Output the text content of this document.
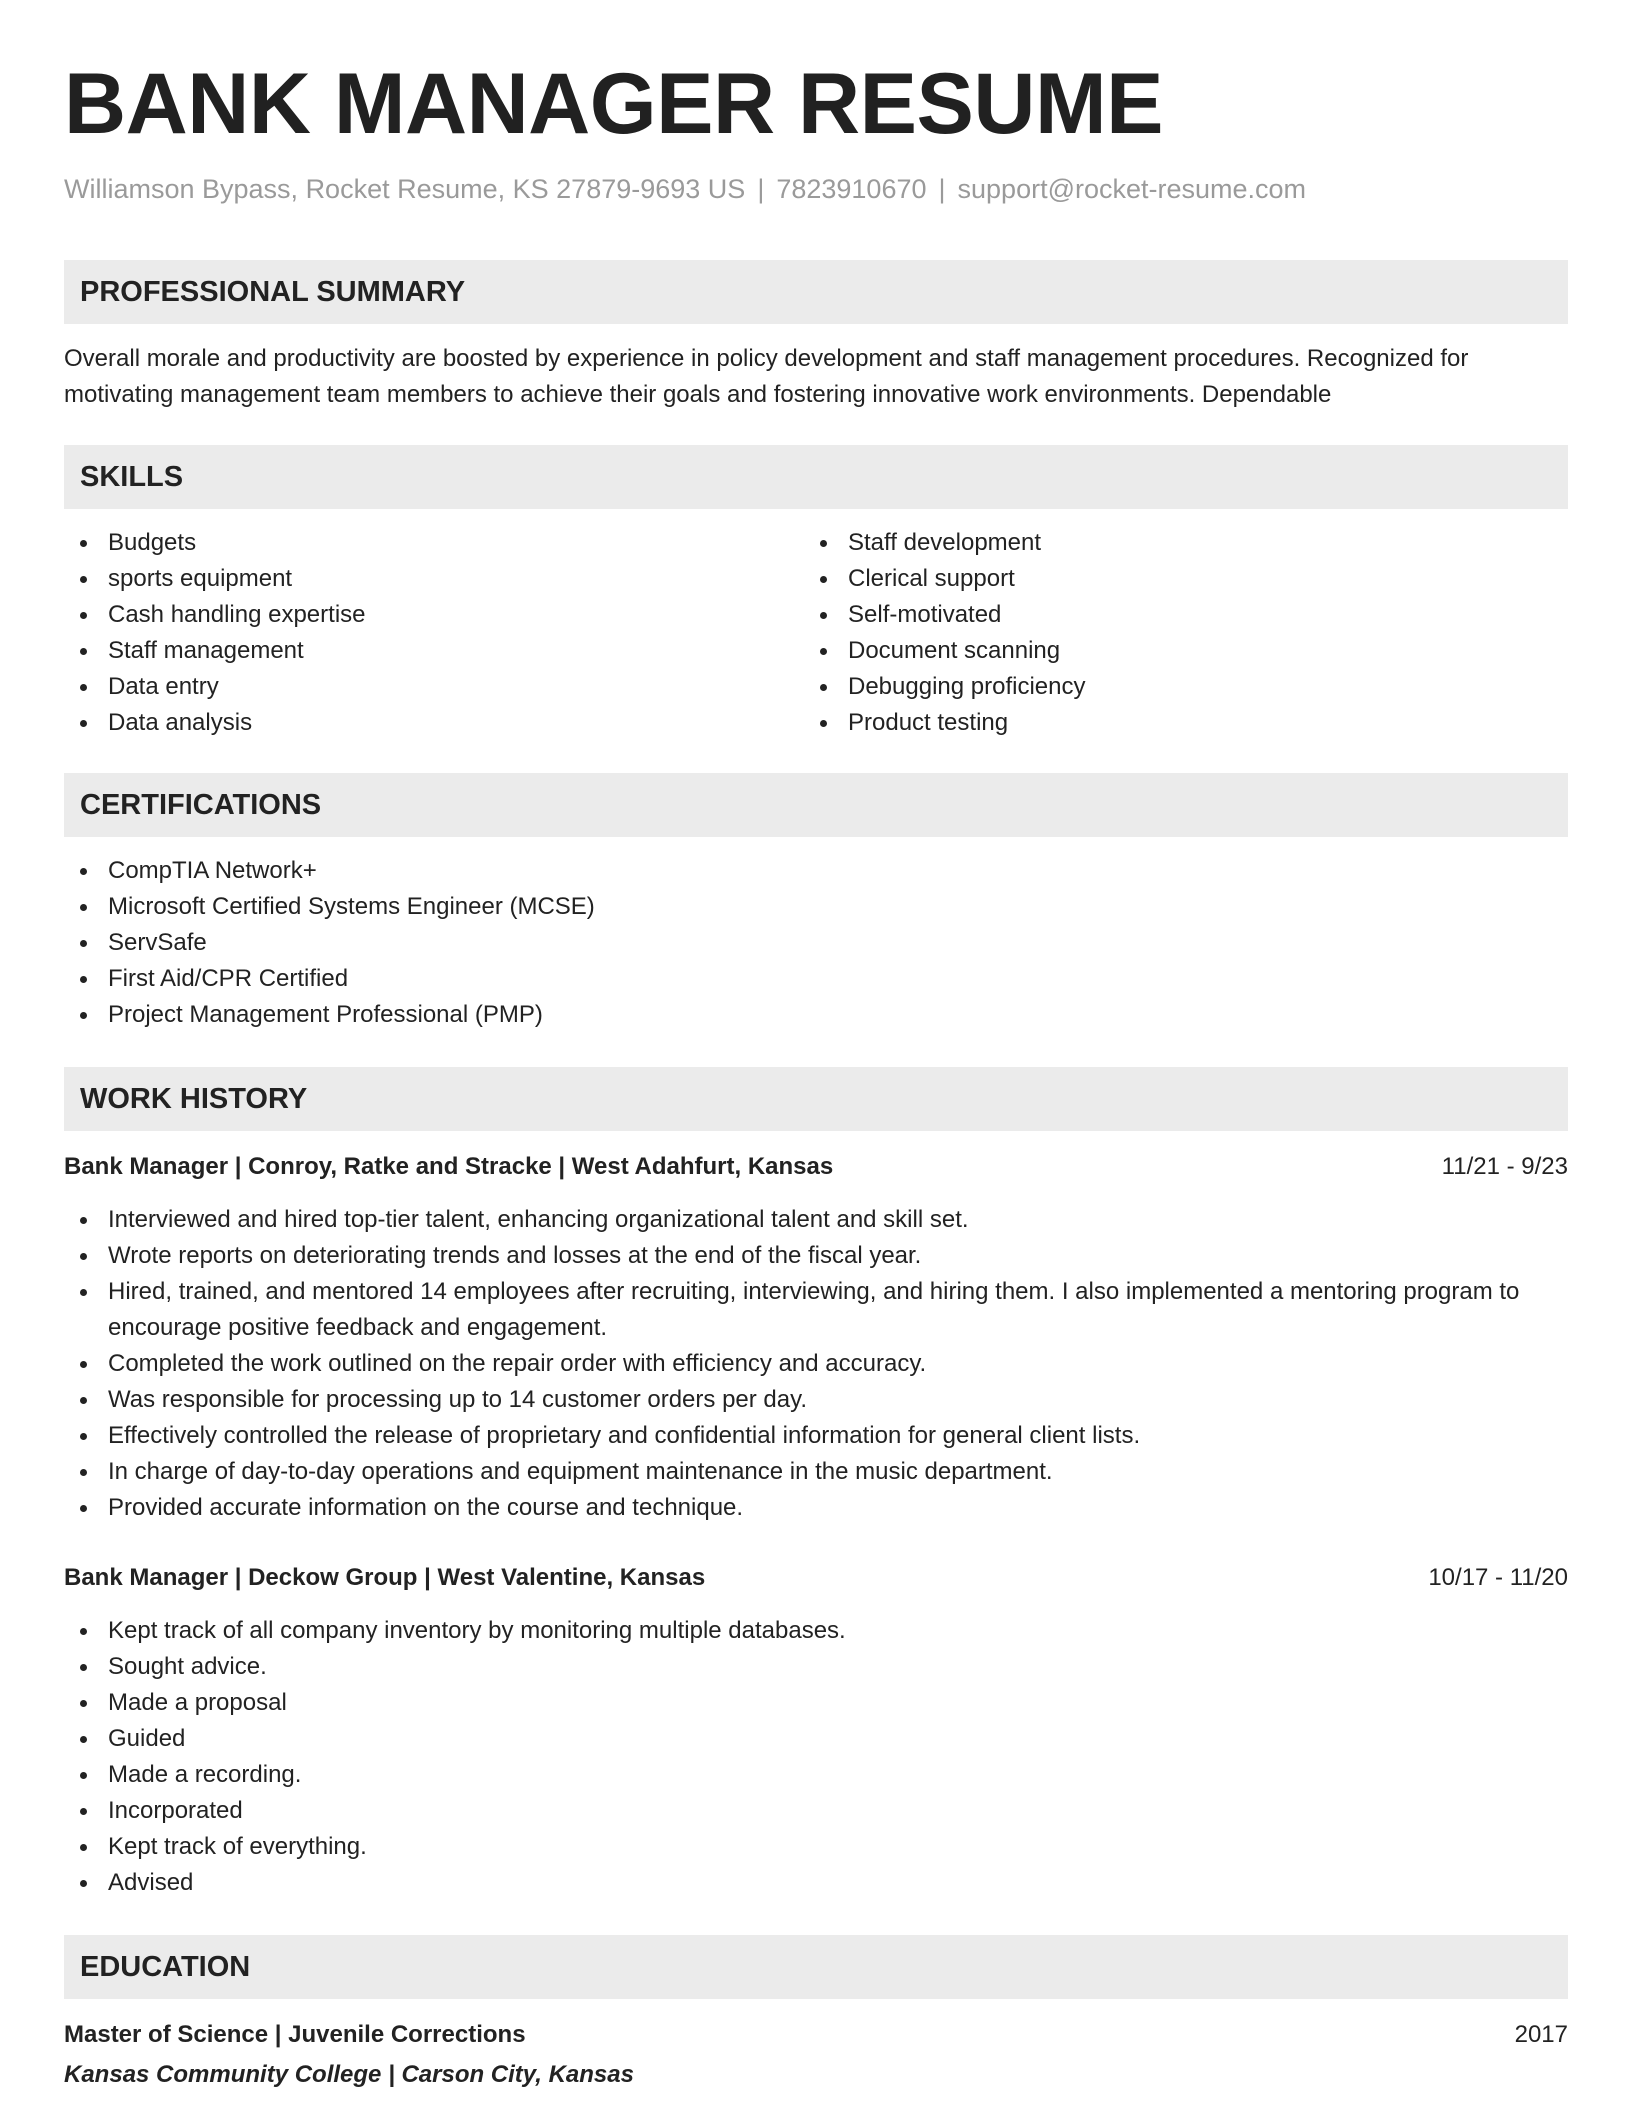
BANK MANAGER RESUME
Williamson Bypass, Rocket Resume, KS 27879-9693 US | 7823910670 | support@rocket-resume.com
PROFESSIONAL SUMMARY

Overall morale and productivity are boosted by experience in policy development and staff management procedures. Recognized for motivating management team members to achieve their goals and fostering innovative work environments. Dependable

SKILLS
Budgets
sports equipment
Cash handling expertise
Staff management
Data entry
Data analysis
Staff development
Clerical support
Self-motivated
Document scanning
Debugging proficiency
Product testing
CERTIFICATIONS
CompTIA Network+
Microsoft Certified Systems Engineer (MCSE)
ServSafe
First Aid/CPR Certified
Project Management Professional (PMP)
WORK HISTORY
Bank Manager | Conroy, Ratke and Stracke | West Adahfurt, Kansas	11/21 - 9/23
Interviewed and hired top-tier talent, enhancing organizational talent and skill set.
Wrote reports on deteriorating trends and losses at the end of the fiscal year.
Hired, trained, and mentored 14 employees after recruiting, interviewing, and hiring them. I also implemented a mentoring program to encourage positive feedback and engagement.
Completed the work outlined on the repair order with efficiency and accuracy.
Was responsible for processing up to 14 customer orders per day.
Effectively controlled the release of proprietary and confidential information for general client lists.
In charge of day-to-day operations and equipment maintenance in the music department.
Provided accurate information on the course and technique.
Bank Manager | Deckow Group | West Valentine, Kansas	10/17 - 11/20
Kept track of all company inventory by monitoring multiple databases.
Sought advice.
Made a proposal
Guided
Made a recording.
Incorporated
Kept track of everything.
Advised
EDUCATION
Master of Science | Juvenile Corrections	2017
Kansas Community College | Carson City, Kansas
